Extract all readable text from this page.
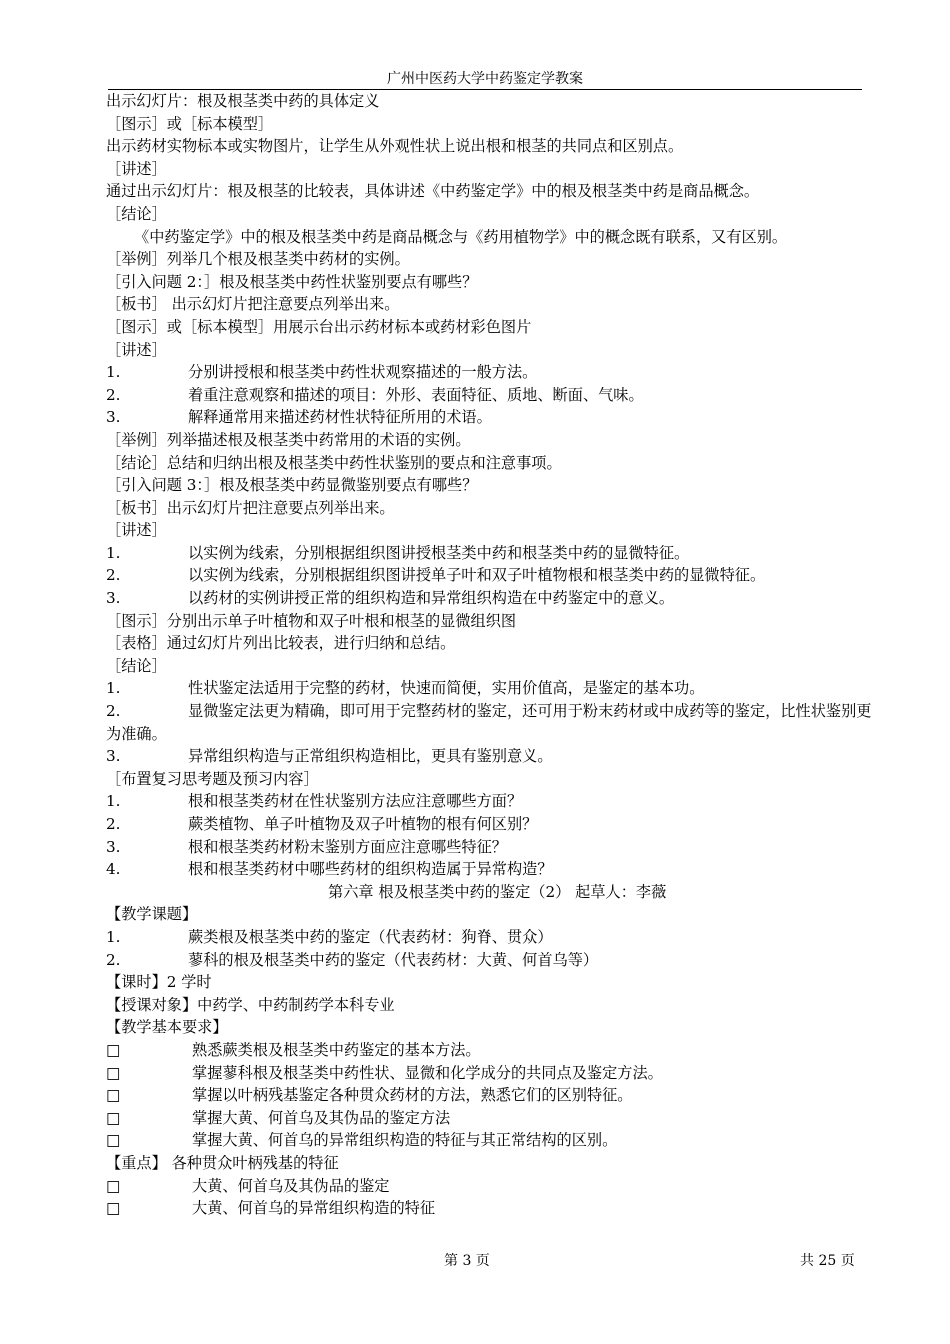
广州中医药大学中药鉴定学教案
出示幻灯片：根及根茎类中药的具体定义
［图示］或［标本模型］
出示药材实物标本或实物图片，让学生从外观性状上说出根和根茎的共同点和区别点。
［讲述］
通过出示幻灯片：根及根茎的比较表，具体讲述《中药鉴定学》中的根及根茎类中药是商品概念。
［结论］
《中药鉴定学》中的根及根茎类中药是商品概念与《药用植物学》中的概念既有联系，又有区别。
［举例］列举几个根及根茎类中药材的实例。
［引入问题 2：］根及根茎类中药性状鉴别要点有哪些？
［板书］ 出示幻灯片把注意要点列举出来。
［图示］或［标本模型］用展示台出示药材标本或药材彩色图片
［讲述］
1.	分别讲授根和根茎类中药性状观察描述的一般方法。
2.	着重注意观察和描述的项目：外形、表面特征、质地、断面、气味。
3.	解释通常用来描述药材性状特征所用的术语。
［举例］列举描述根及根茎类中药常用的术语的实例。
［结论］总结和归纳出根及根茎类中药性状鉴别的要点和注意事项。
［引入问题 3：］根及根茎类中药显微鉴别要点有哪些？
［板书］出示幻灯片把注意要点列举出来。
［讲述］
1.	以实例为线索，分别根据组织图讲授根茎类中药和根茎类中药的显微特征。
2.	以实例为线索，分别根据组织图讲授单子叶和双子叶植物根和根茎类中药的显微特征。
3.	以药材的实例讲授正常的组织构造和异常组织构造在中药鉴定中的意义。
［图示］分别出示单子叶植物和双子叶根和根茎的显微组织图
［表格］通过幻灯片列出比较表，进行归纳和总结。
［结论］
1.	性状鉴定法适用于完整的药材，快速而简便，实用价值高，是鉴定的基本功。
2.	显微鉴定法更为精确，即可用于完整药材的鉴定，还可用于粉末药材或中成药等的鉴定，比性状鉴别更为准确。
3.	异常组织构造与正常组织构造相比，更具有鉴别意义。
［布置复习思考题及预习内容］
1.	根和根茎类药材在性状鉴别方法应注意哪些方面？
2.	蕨类植物、单子叶植物及双子叶植物的根有何区别？
3.	根和根茎类药材粉末鉴别方面应注意哪些特征？
4.	根和根茎类药材中哪些药材的组织构造属于异常构造？
第六章 根及根茎类中药的鉴定（2） 起草人：李薇
【教学课题】
1.	蕨类根及根茎类中药的鉴定（代表药材：狗脊、贯众）
2.	蓼科的根及根茎类中药的鉴定（代表药材：大黄、何首乌等）
【课时】2 学时
【授课对象】中药学、中药制药学本科专业
【教学基本要求】
□	熟悉蕨类根及根茎类中药鉴定的基本方法。
□	掌握蓼科根及根茎类中药性状、显微和化学成分的共同点及鉴定方法。
□	掌握以叶柄残基鉴定各种贯众药材的方法，熟悉它们的区别特征。
□	掌握大黄、何首乌及其伪品的鉴定方法
□	掌握大黄、何首乌的异常组织构造的特征与其正常结构的区别。
【重点】 各种贯众叶柄残基的特征
□	大黄、何首乌及其伪品的鉴定
□	大黄、何首乌的异常组织构造的特征
第 3 页	共 25 页
